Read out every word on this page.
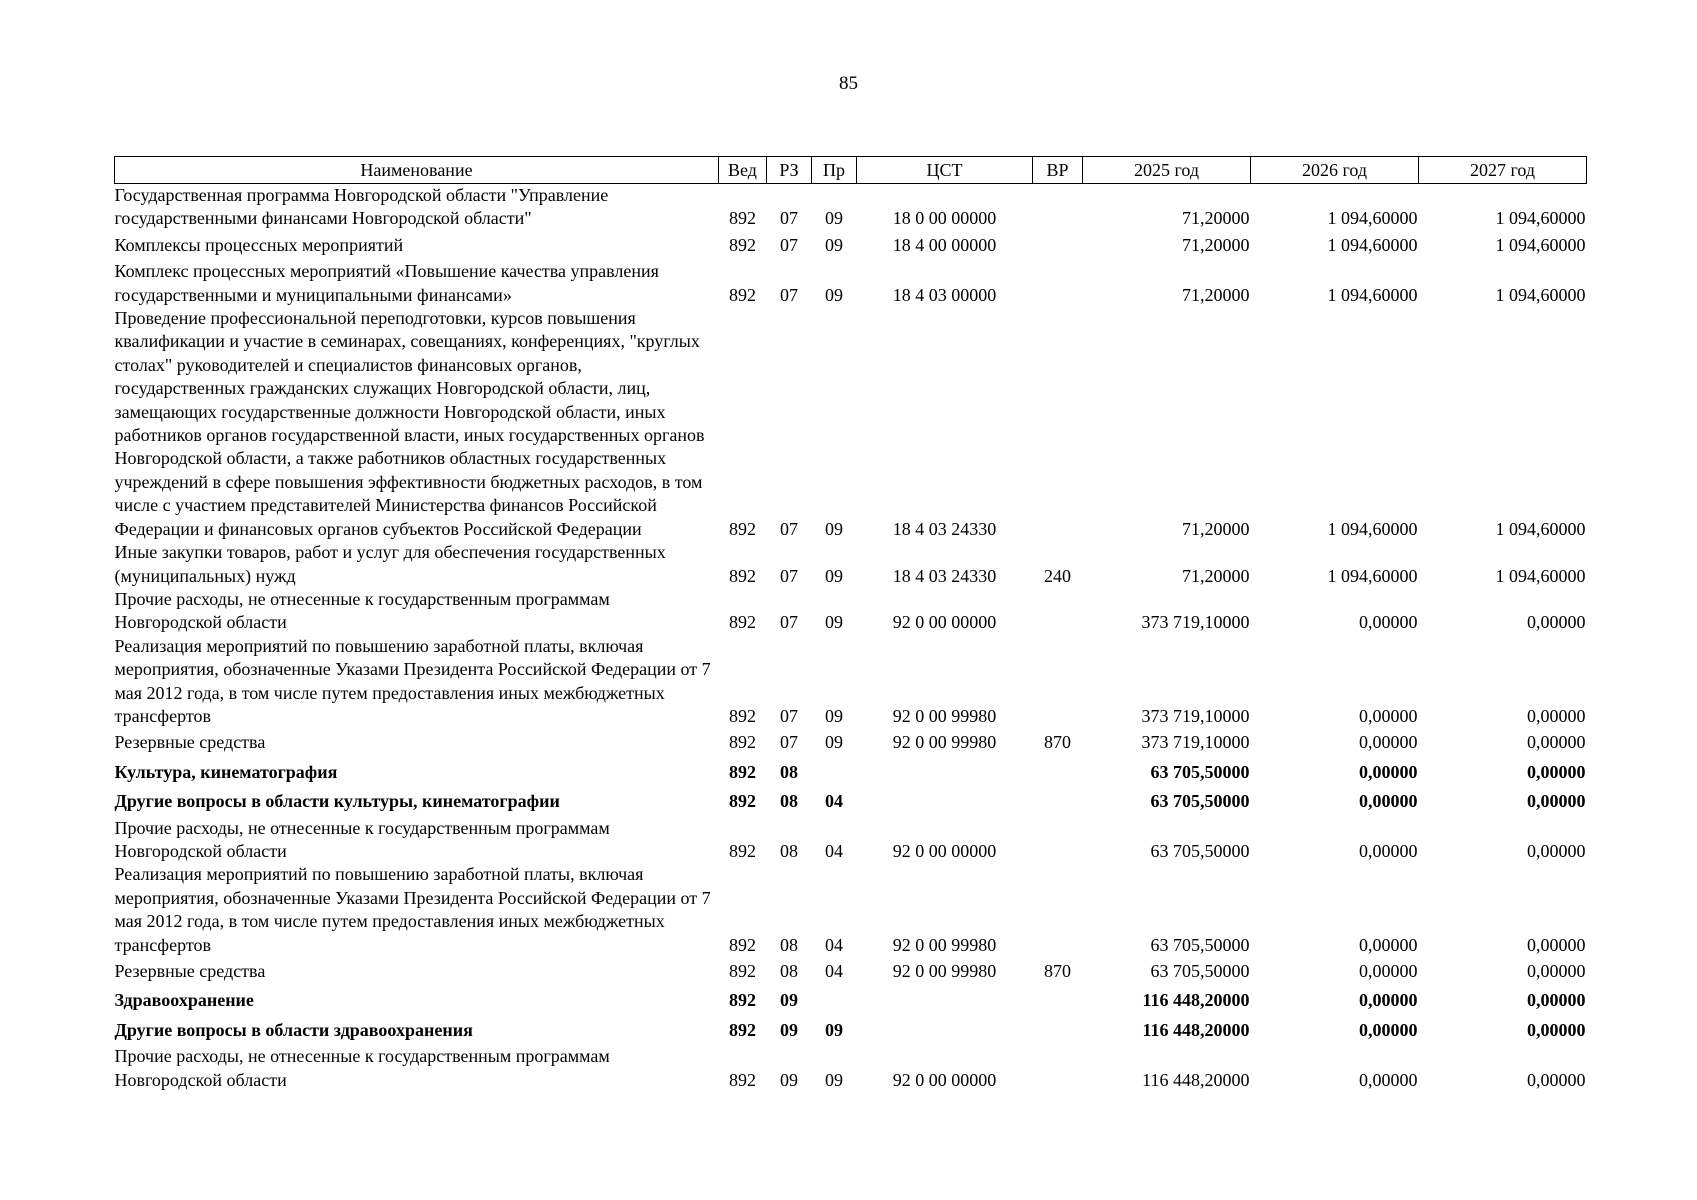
85
Наименование	Вед	РЗ	Пр	ЦСТ	ВР	2025 год	2026 год	2027 год
Государственная программа Новгородской области "Управление государственными финансами Новгородской области"	892	07	09	18 0 00 00000		71,20000	1 094,60000	1 094,60000
Комплексы процессных мероприятий	892	07	09	18 4 00 00000		71,20000	1 094,60000	1 094,60000
Комплекс процессных мероприятий «Повышение качества управления государственными и муниципальными финансами»	892	07	09	18 4 03 00000		71,20000	1 094,60000	1 094,60000
Проведение профессиональной переподготовки, курсов повышения квалификации и участие в семинарах, совещаниях, конференциях, "круглых столах" руководителей и специалистов финансовых органов, государственных гражданских служащих Новгородской области, лиц, замещающих государственные должности Новгородской области, иных работников органов государственной власти, иных государственных органов Новгородской области, а также работников областных государственных учреждений в сфере повышения эффективности бюджетных расходов, в том числе с участием представителей Министерства финансов Российской Федерации и финансовых органов субъектов Российской Федерации	892	07	09	18 4 03 24330		71,20000	1 094,60000	1 094,60000
Иные закупки товаров, работ и услуг для обеспечения государственных (муниципальных) нужд	892	07	09	18 4 03 24330	240	71,20000	1 094,60000	1 094,60000
Прочие расходы, не отнесенные к государственным программам Новгородской области	892	07	09	92 0 00 00000		373 719,10000	0,00000	0,00000
Реализация мероприятий по повышению заработной платы, включая мероприятия, обозначенные Указами Президента Российской Федерации от 7 мая 2012 года, в том числе путем предоставления иных межбюджетных трансфертов	892	07	09	92 0 00 99980		373 719,10000	0,00000	0,00000
Резервные средства	892	07	09	92 0 00 99980	870	373 719,10000	0,00000	0,00000
Культура, кинематография	892	08				63 705,50000	0,00000	0,00000
Другие вопросы в области культуры, кинематографии	892	08	04			63 705,50000	0,00000	0,00000
Прочие расходы, не отнесенные к государственным программам Новгородской области	892	08	04	92 0 00 00000		63 705,50000	0,00000	0,00000
Реализация мероприятий по повышению заработной платы, включая мероприятия, обозначенные Указами Президента Российской Федерации от 7 мая 2012 года, в том числе путем предоставления иных межбюджетных трансфертов	892	08	04	92 0 00 99980		63 705,50000	0,00000	0,00000
Резервные средства	892	08	04	92 0 00 99980	870	63 705,50000	0,00000	0,00000
Здравоохранение	892	09				116 448,20000	0,00000	0,00000
Другие вопросы в области здравоохранения	892	09	09			116 448,20000	0,00000	0,00000
Прочие расходы, не отнесенные к государственным программам Новгородской области	892	09	09	92 0 00 00000		116 448,20000	0,00000	0,00000
